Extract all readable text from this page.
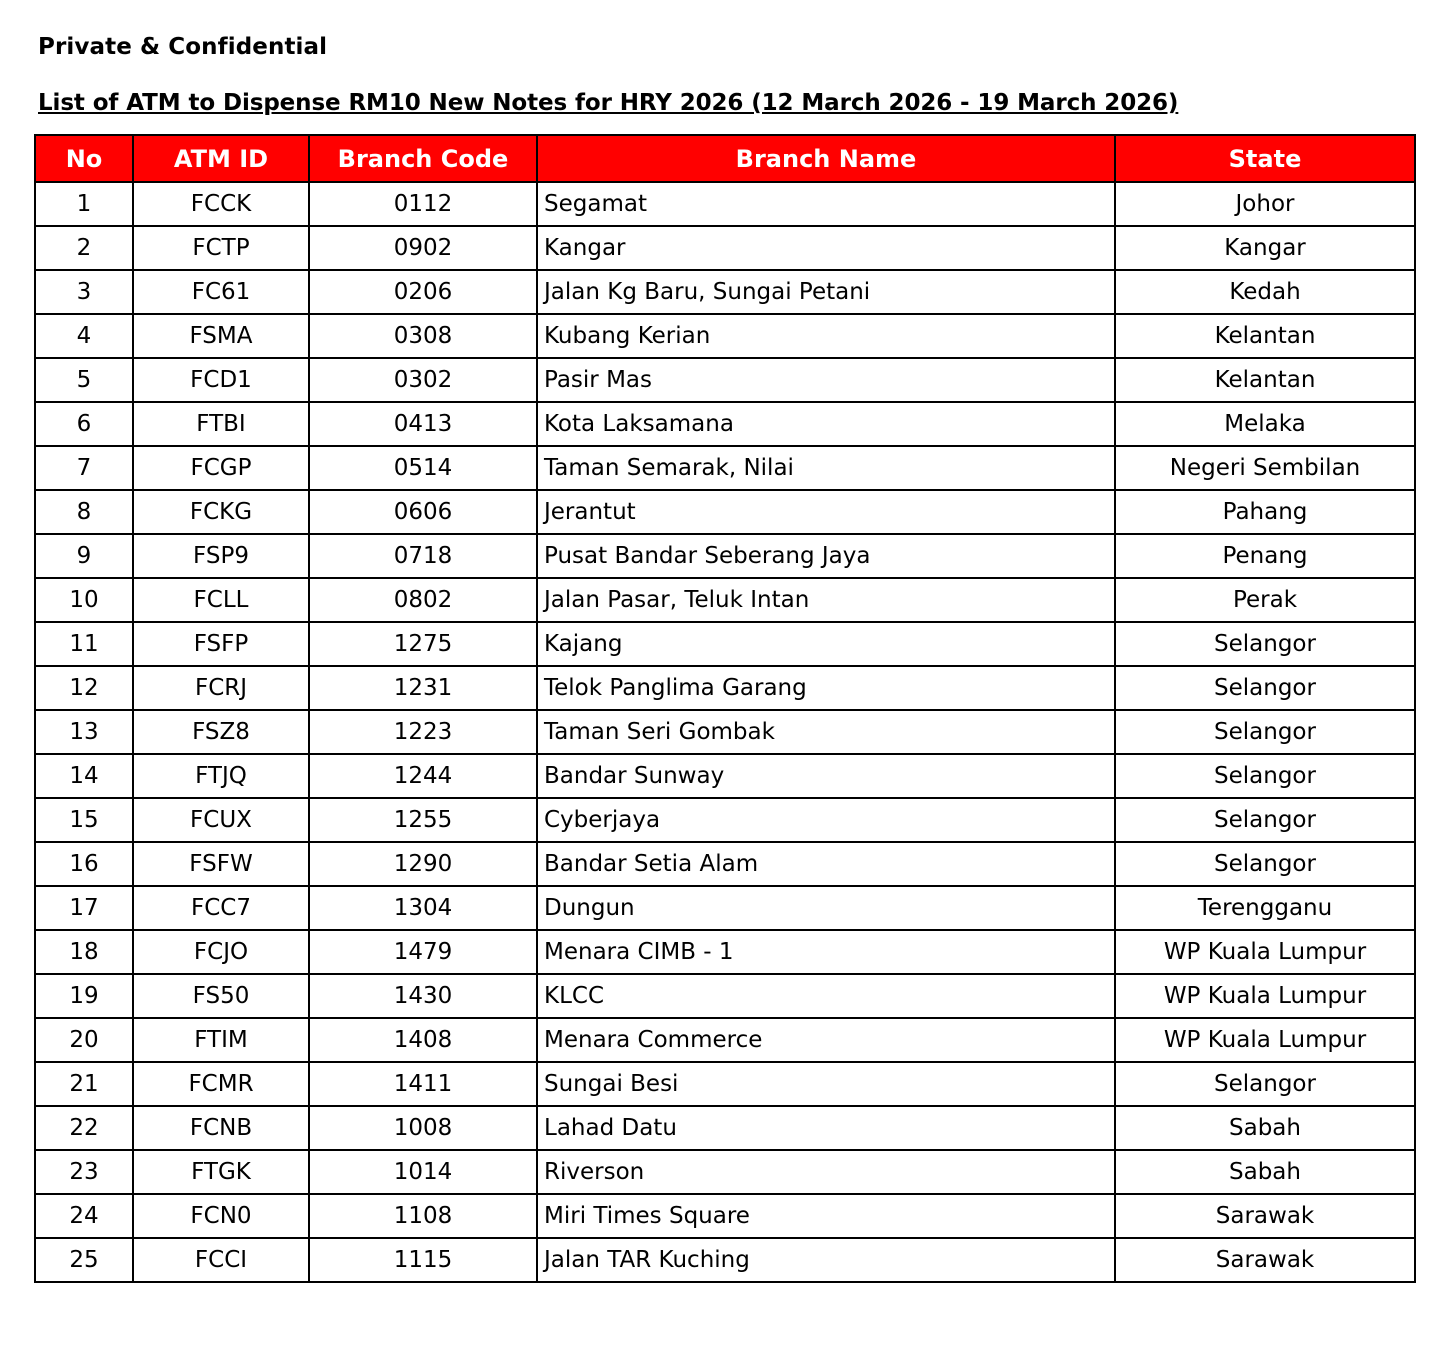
Private & Confidential
List of ATM to Dispense RM10 New Notes for HRY 2026 (12 March 2026 - 19 March 2026)
No	ATM ID	Branch Code	Branch Name	State
1	FCCK	0112	Segamat	Johor
2	FCTP	0902	Kangar	Kangar
3	FC61	0206	Jalan Kg Baru, Sungai Petani	Kedah
4	FSMA	0308	Kubang Kerian	Kelantan
5	FCD1	0302	Pasir Mas	Kelantan
6	FTBI	0413	Kota Laksamana	Melaka
7	FCGP	0514	Taman Semarak, Nilai	Negeri Sembilan
8	FCKG	0606	Jerantut	Pahang
9	FSP9	0718	Pusat Bandar Seberang Jaya	Penang
10	FCLL	0802	Jalan Pasar, Teluk Intan	Perak
11	FSFP	1275	Kajang	Selangor
12	FCRJ	1231	Telok Panglima Garang	Selangor
13	FSZ8	1223	Taman Seri Gombak	Selangor
14	FTJQ	1244	Bandar Sunway	Selangor
15	FCUX	1255	Cyberjaya	Selangor
16	FSFW	1290	Bandar Setia Alam	Selangor
17	FCC7	1304	Dungun	Terengganu
18	FCJO	1479	Menara CIMB - 1	WP Kuala Lumpur
19	FS50	1430	KLCC	WP Kuala Lumpur
20	FTIM	1408	Menara Commerce	WP Kuala Lumpur
21	FCMR	1411	Sungai Besi	Selangor
22	FCNB	1008	Lahad Datu	Sabah
23	FTGK	1014	Riverson	Sabah
24	FCN0	1108	Miri Times Square	Sarawak
25	FCCI	1115	Jalan TAR Kuching	Sarawak
